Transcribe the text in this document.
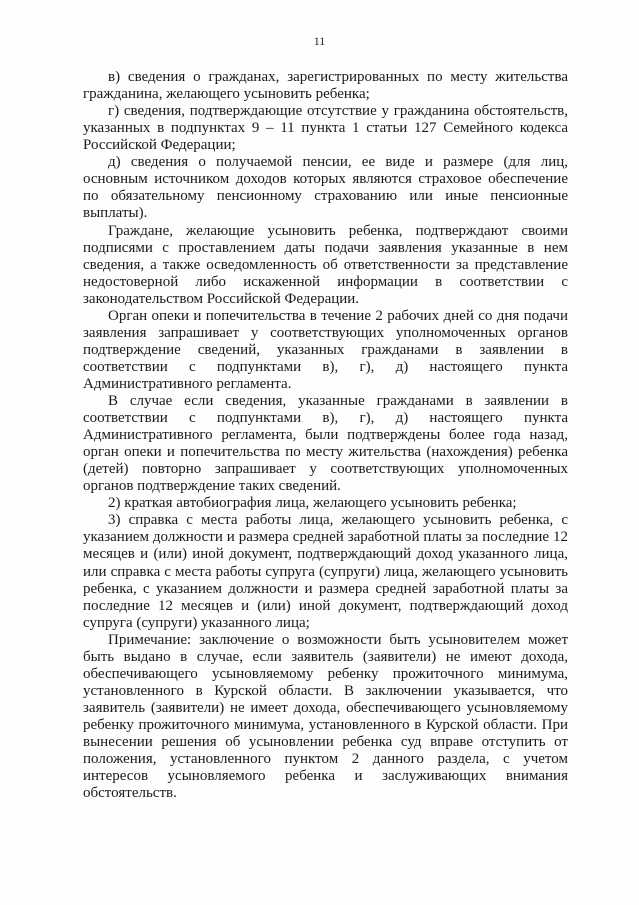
11
в) сведения о гражданах, зарегистрированных по месту жительства
гражданина, желающего усыновить ребенка;
г) сведения, подтверждающие отсутствие у гражданина обстоятельств,
указанных в подпунктах 9 – 11 пункта 1 статьи 127 Семейного кодекса
Российской Федерации;
д) сведения о получаемой пенсии, ее виде и размере (для лиц,
основным источником доходов которых являются страховое обеспечение
по обязательному пенсионному страхованию или иные пенсионные
выплаты).
Граждане, желающие усыновить ребенка, подтверждают своими
подписями с проставлением даты подачи заявления указанные в нем
сведения, а также осведомленность об ответственности за представление
недостоверной либо искаженной информации в соответствии с
законодательством Российской Федерации.
Орган опеки и попечительства в течение 2 рабочих дней со дня подачи
заявления запрашивает у соответствующих уполномоченных органов
подтверждение сведений, указанных гражданами в заявлении в
соответствии с подпунктами в), г), д) настоящего пункта
Административного регламента.
В случае если сведения, указанные гражданами в заявлении в
соответствии с подпунктами в), г), д) настоящего пункта
Административного регламента, были подтверждены более года назад,
орган опеки и попечительства по месту жительства (нахождения) ребенка
(детей) повторно запрашивает у соответствующих уполномоченных
органов подтверждение таких сведений.
2) краткая автобиография лица, желающего усыновить ребенка;
3) справка с места работы лица, желающего усыновить ребенка, с
указанием должности и размера средней заработной платы за последние 12
месяцев и (или) иной документ, подтверждающий доход указанного лица,
или справка с места работы супруга (супруги) лица, желающего усыновить
ребенка, с указанием должности и размера средней заработной платы за
последние 12 месяцев и (или) иной документ, подтверждающий доход
супруга (супруги) указанного лица;
Примечание: заключение о возможности быть усыновителем может
быть выдано в случае, если заявитель (заявители) не имеют дохода,
обеспечивающего усыновляемому ребенку прожиточного минимума,
установленного в Курской области. В заключении указывается, что
заявитель (заявители) не имеет дохода, обеспечивающего усыновляемому
ребенку прожиточного минимума, установленного в Курской области. При
вынесении решения об усыновлении ребенка суд вправе отступить от
положения, установленного пунктом 2 данного раздела, с учетом
интересов усыновляемого ребенка и заслуживающих внимания
обстоятельств.
